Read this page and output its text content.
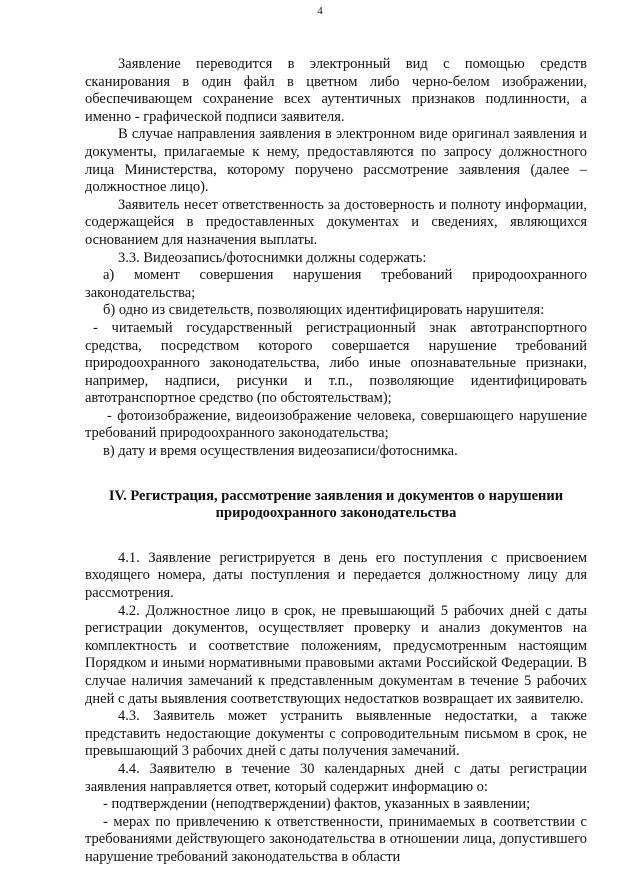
4

Заявление переводится в электронный вид с помощью средств сканирования в один файл в цветном либо черно-белом изображении, обеспечивающем сохранение всех аутентичных признаков подлинности, а именно - графической подписи заявителя.

В случае направления заявления в электронном виде оригинал заявления и документы, прилагаемые к нему, предоставляются по запросу должностного лица Министерства, которому поручено рассмотрение заявления (далее – должностное лицо).

Заявитель несет ответственность за достоверность и полноту информации, содержащейся в предоставленных документах и сведениях, являющихся основанием для назначения выплаты.

3.3. Видеозапись/фотоснимки должны содержать:

а) момент совершения нарушения требований природоохранного законодательства;

б) одно из свидетельств, позволяющих идентифицировать нарушителя:

- читаемый государственный регистрационный знак автотранспортного средства, посредством которого совершается нарушение требований природоохранного законодательства, либо иные опознавательные признаки, например, надписи, рисунки и т.п., позволяющие идентифицировать автотранспортное средство (по обстоятельствам);

- фотоизображение, видеоизображение человека, совершающего нарушение требований природоохранного законодательства;

в) дату и время осуществления видеозаписи/фотоснимка.

IV. Регистрация, рассмотрение заявления и документов о нарушении
природоохранного законодательства

4.1. Заявление регистрируется в день его поступления с присвоением входящего номера, даты поступления и передается должностному лицу для рассмотрения.

4.2. Должностное лицо в срок, не превышающий 5 рабочих дней с даты регистрации документов, осуществляет проверку и анализ документов на комплектность и соответствие положениям, предусмотренным настоящим Порядком и иными нормативными правовыми актами Российской Федерации. В случае наличия замечаний к представленным документам в течение 5 рабочих дней с даты выявления соответствующих недостатков возвращает их заявителю.

4.3. Заявитель может устранить выявленные недостатки, а также представить недостающие документы с сопроводительным письмом в срок, не превышающий 3 рабочих дней с даты получения замечаний.

4.4. Заявителю в течение 30 календарных дней с даты регистрации заявления направляется ответ, который содержит информацию о:

- подтверждении (неподтверждении) фактов, указанных в заявлении;

- мерах по привлечению к ответственности, принимаемых в соответствии с требованиями действующего законодательства в отношении лица, допустившего нарушение требований законодательства в области
